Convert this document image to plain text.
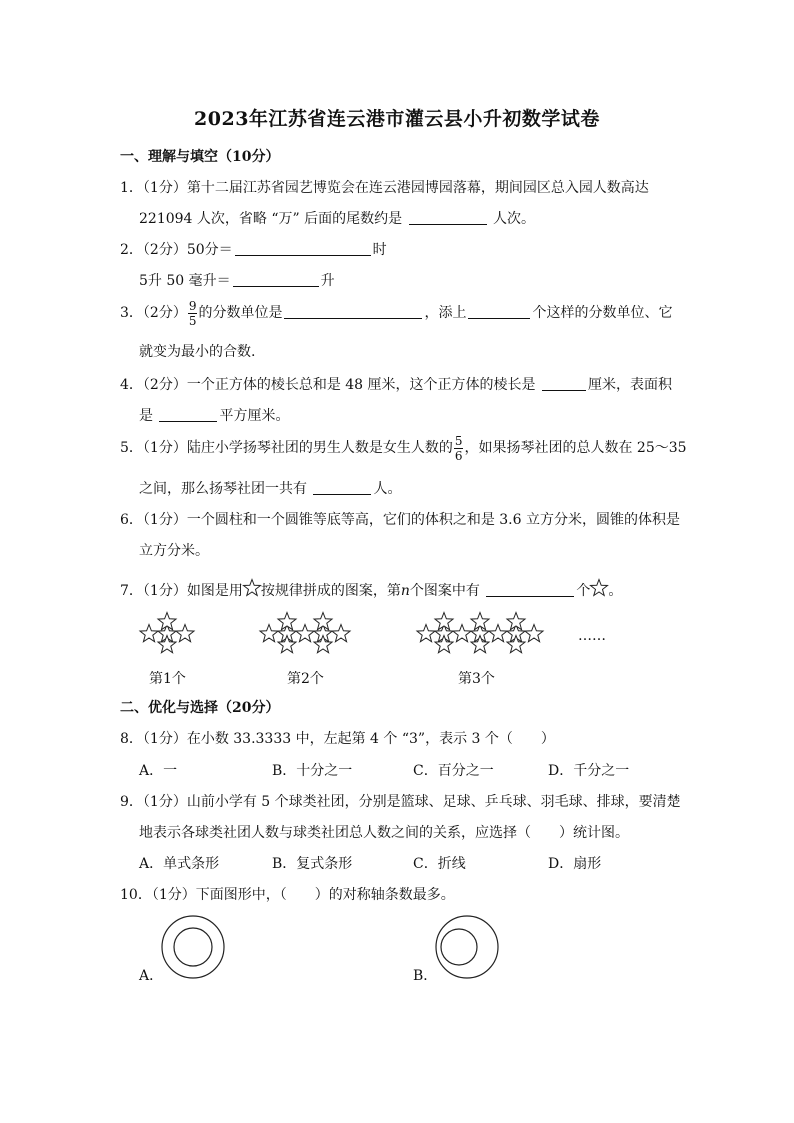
2023年江苏省连云港市灌云县小升初数学试卷
一、理解与填空（10分）
1．（1分）第十二届江苏省园艺博览会在连云港园博园落幕，期间园区总入园人数高达
221094 人次，省略 “万” 后面的尾数约是	人次。
2．（2分）50分＝	时
5升 50 毫升＝	升
3．（2分） $\frac{9}{5}$ 的分数单位是	，添上	个这样的分数单位、它
就变为最小的合数.
4．（2分）一个正方体的棱长总和是 48 厘米，这个正方体的棱长是	厘米，表面积
是	平方厘米。
5．（1分）陆庄小学扬琴社团的男生人数是女生人数的 $\frac{5}{6}$ ，如果扬琴社团的总人数在 25～35
之间，那么扬琴社团一共有	人。
6．（1分）一个圆柱和一个圆锥等底等高，它们的体积之和是 3.6 立方分米，圆锥的体积是
立方分米。
7．（1分）如图是用 按规律拼成的图案，第n个图案中有	个 。
……
第1个	第2个	第3个
二、优化与选择（20分）
8．（1分）在小数 33.3333 中，左起第 4 个 “3”，表示 3 个（　　）
A．一	B．十分之一	C．百分之一	D．千分之一
9．（1分）山前小学有 5 个球类社团，分别是篮球、足球、乒乓球、羽毛球、排球，要清楚
地表示各球类社团人数与球类社团总人数之间的关系，应选择（　　）统计图。
A．单式条形	B．复式条形	C．折线	D．扇形
10．（1分）下面图形中，（　　）的对称轴条数最多。
A．	B．
